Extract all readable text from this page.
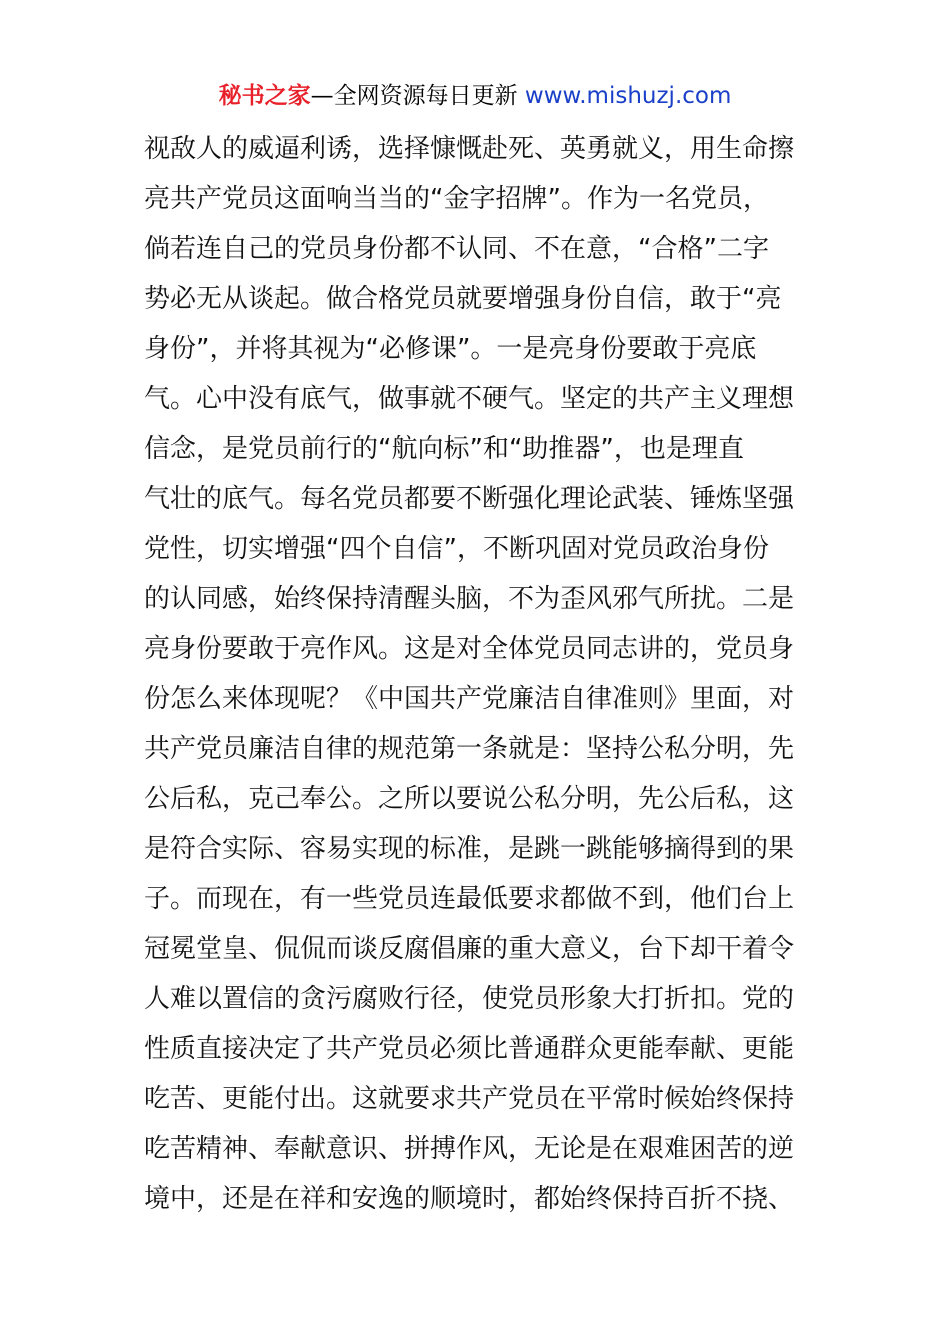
秘书之家—全网资源每日更新 www.mishuzj.com
视敌人的威逼利诱，选择慷慨赴死、英勇就义，用生命擦
亮共产党员这面响当当的“金字招牌”。作为一名党员，
倘若连自己的党员身份都不认同、不在意，“合格”二字
势必无从谈起。做合格党员就要增强身份自信，敢于“亮
身份”，并将其视为“必修课”。一是亮身份要敢于亮底
气。心中没有底气，做事就不硬气。坚定的共产主义理想
信念，是党员前行的“航向标”和“助推器”，也是理直
气壮的底气。每名党员都要不断强化理论武装、锤炼坚强
党性，切实增强“四个自信”，不断巩固对党员政治身份
的认同感，始终保持清醒头脑，不为歪风邪气所扰。二是
亮身份要敢于亮作风。这是对全体党员同志讲的，党员身
份怎么来体现呢？《中国共产党廉洁自律准则》里面，对
共产党员廉洁自律的规范第一条就是：坚持公私分明，先
公后私，克己奉公。之所以要说公私分明，先公后私，这
是符合实际、容易实现的标准，是跳一跳能够摘得到的果
子。而现在，有一些党员连最低要求都做不到，他们台上
冠冕堂皇、侃侃而谈反腐倡廉的重大意义，台下却干着令
人难以置信的贪污腐败行径，使党员形象大打折扣。党的
性质直接决定了共产党员必须比普通群众更能奉献、更能
吃苦、更能付出。这就要求共产党员在平常时候始终保持
吃苦精神、奉献意识、拼搏作风，无论是在艰难困苦的逆
境中，还是在祥和安逸的顺境时，都始终保持百折不挠、
